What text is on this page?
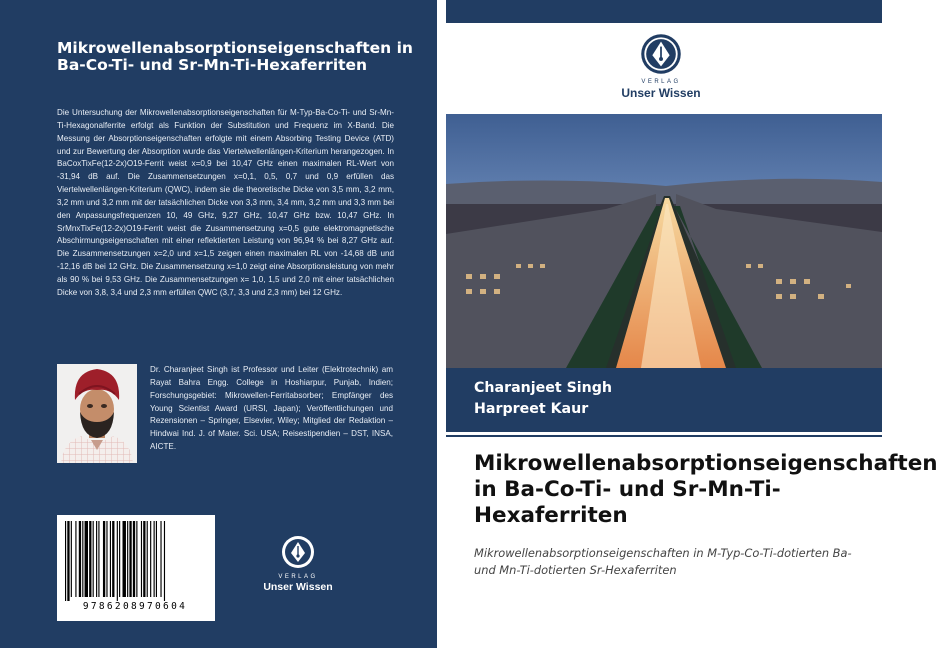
Mikrowellenabsorptionseigenschaften in Ba-Co-Ti- und Sr-Mn-Ti-Hexaferriten
Die Untersuchung der Mikrowellenabsorptionseigenschaften für M-Typ-Ba-Co-Ti- und Sr-Mn-Ti-Hexagonalferrite erfolgt als Funktion der Substitution und Frequenz im X-Band. Die Messung der Absorptionseigenschaften erfolgte mit einem Absorbing Testing Device (ATD) und zur Bewertung der Absorption wurde das Viertelwellenlängen-Kriterium herangezogen. In BaCoxTixFe(12-2x)O19-Ferrit weist x=0,9 bei 10,47 GHz einen maximalen RL-Wert von -31,94 dB auf. Die Zusammensetzungen x=0,1, 0,5, 0,7 und 0,9 erfüllen das Viertelwellenlängen-Kriterium (QWC), indem sie die theoretische Dicke von 3,5 mm, 3,2 mm, 3,2 mm und 3,2 mm mit der tatsächlichen Dicke von 3,3 mm, 3,4 mm, 3,2 mm und 3,3 mm bei den Anpassungsfrequenzen 10, 49 GHz, 9,27 GHz, 10,47 GHz bzw. 10,47 GHz. In SrMnxTixFe(12-2x)O19-Ferrit weist die Zusammensetzung x=0,5 gute elektromagnetische Abschirmungseigenschaften mit einer reflektierten Leistung von 96,94 % bei 8,27 GHz auf. Die Zusammensetzungen x=2,0 und x=1,5 zeigen einen maximalen RL von -14,68 dB und -12,16 dB bei 12 GHz. Die Zusammensetzung x=1,0 zeigt eine Absorptionsleistung von mehr als 90 % bei 9,53 GHz. Die Zusammensetzungen x= 1,0, 1,5 und 2,0 mit einer tatsächlichen Dicke von 3,8, 3,4 und 2,3 mm erfüllen QWC (3,7, 3,3 und 2,3 mm) bei 12 GHz.
Dr. Charanjeet Singh ist Professor und Leiter (Elektrotechnik) am Rayat Bahra Engg. College in Hoshiarpur, Punjab, Indien; Forschungsgebiet: Mikrowellen-Ferritabsorber; Empfänger des Young Scientist Award (URSI, Japan); Veröffentlichungen und Rezensionen – Springer, Elsevier, Wiley; Mitglied der Redaktion – Hindwai Ind. J. of Mater. Sci. USA; Reisestipendien – DST, INSA, AICTE.
9786208970604
VERLAG
Unser Wissen
VERLAG
Unser Wissen
Charanjeet Singh
Harpreet Kaur
Mikrowellenabsorptionseigenschaften
in Ba-Co-Ti- und Sr-Mn-Ti-
Hexaferriten
Mikrowellenabsorptionseigenschaften in M-Typ-Co-Ti-dotierten Ba- und Mn-Ti-dotierten Sr-Hexaferriten
